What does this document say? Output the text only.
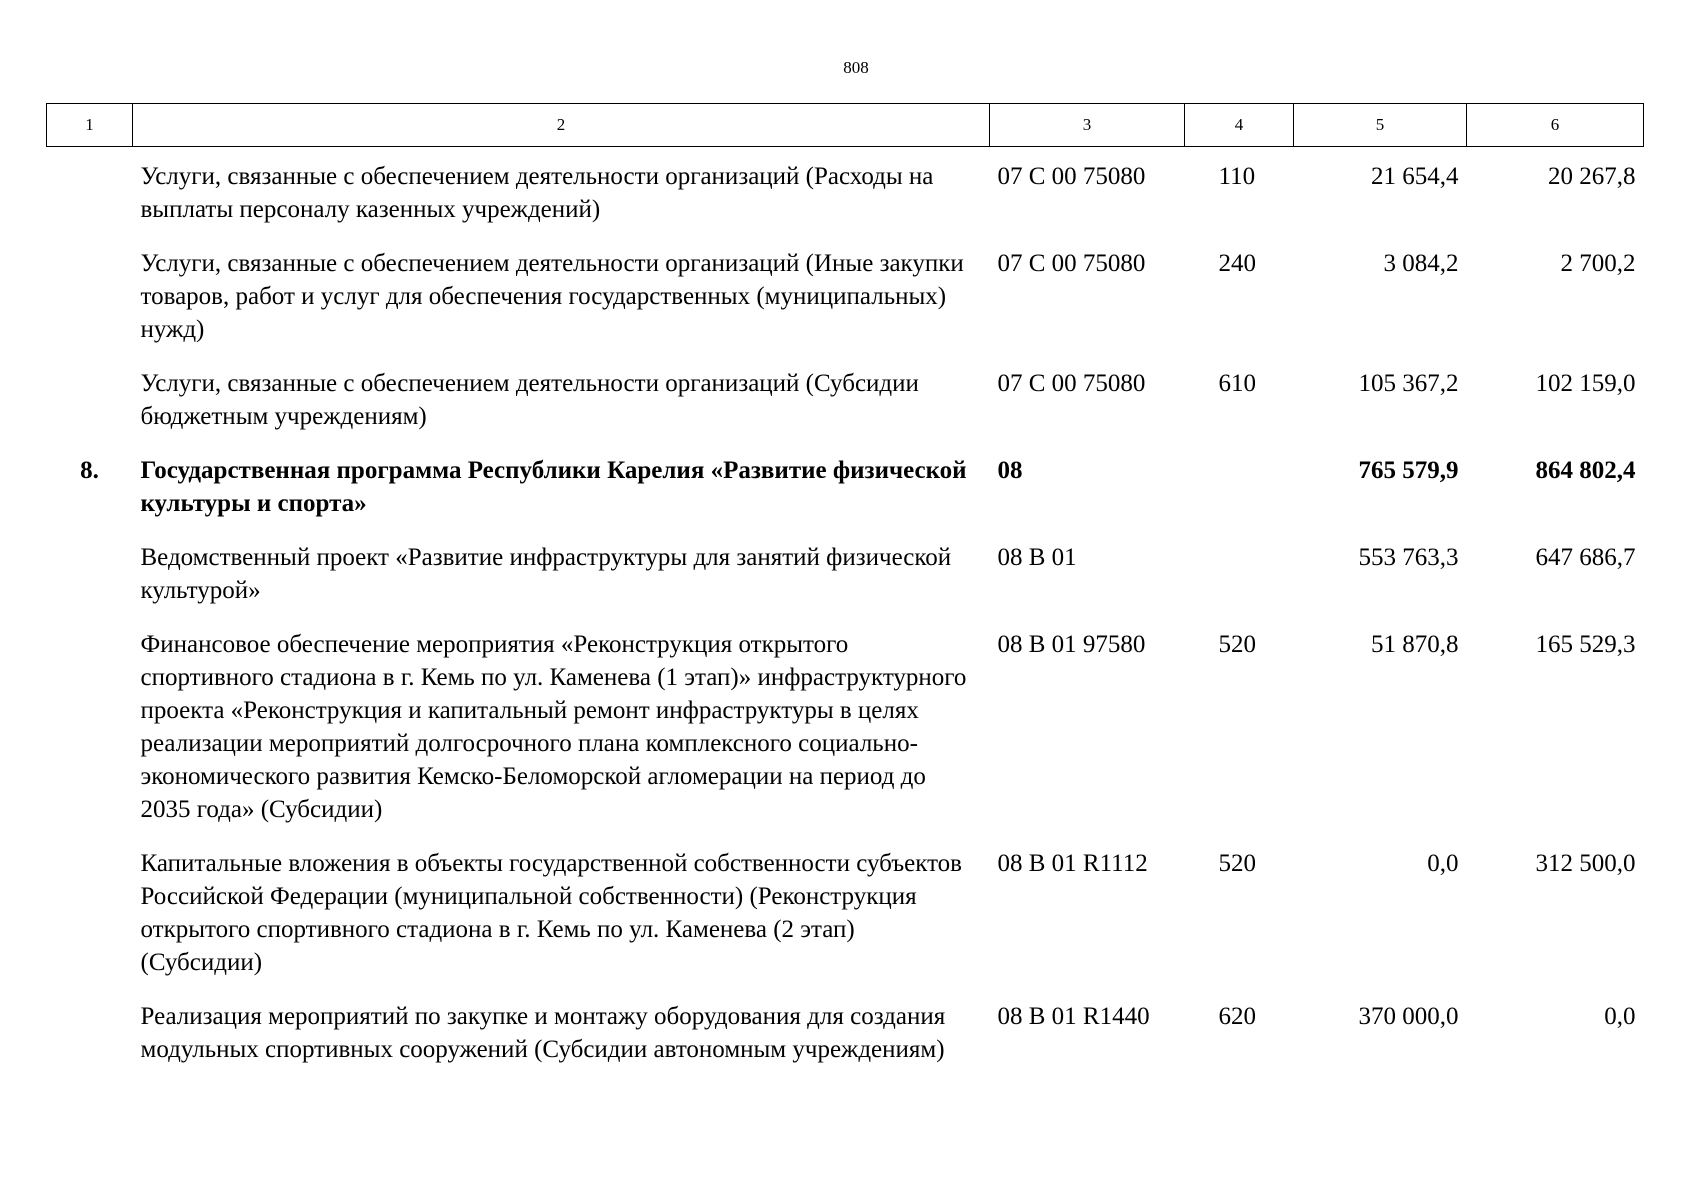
808
1	2	3	4	5	6
	Услуги, связанные с обеспечением деятельности организаций (Расходы на выплаты персоналу казенных учреждений)	07 С 00 75080	110	21 654,4	20 267,8
	Услуги, связанные с обеспечением деятельности организаций (Иные закупки товаров, работ и услуг для обеспечения государственных (муниципальных) нужд)	07 С 00 75080	240	3 084,2	2 700,2
	Услуги, связанные с обеспечением деятельности организаций (Субсидии бюджетным учреждениям)	07 С 00 75080	610	105 367,2	102 159,0
8.	Государственная программа Республики Карелия «Развитие физической культуры и спорта»	08		765 579,9	864 802,4
	Ведомственный проект «Развитие инфраструктуры для занятий физической культурой»	08 В 01		553 763,3	647 686,7
	Финансовое обеспечение мероприятия «Реконструкция открытого спортивного стадиона в г. Кемь по ул. Каменева (1 этап)» инфраструктурного проекта «Реконструкция и капитальный ремонт инфраструктуры в целях реализации мероприятий долгосрочного плана комплексного социально-экономического развития Кемско-Беломорской агломерации на период до 2035 года» (Субсидии)	08 В 01 97580	520	51 870,8	165 529,3
	Капитальные вложения в объекты государственной собственности субъектов Российской Федерации (муниципальной собственности) (Реконструкция открытого спортивного стадиона в г. Кемь по ул. Каменева (2 этап) (Субсидии)	08 В 01 R1112	520	0,0	312 500,0
	Реализация мероприятий по закупке и монтажу оборудования для создания модульных спортивных сооружений (Субсидии автономным учреждениям)	08 В 01 R1440	620	370 000,0	0,0
